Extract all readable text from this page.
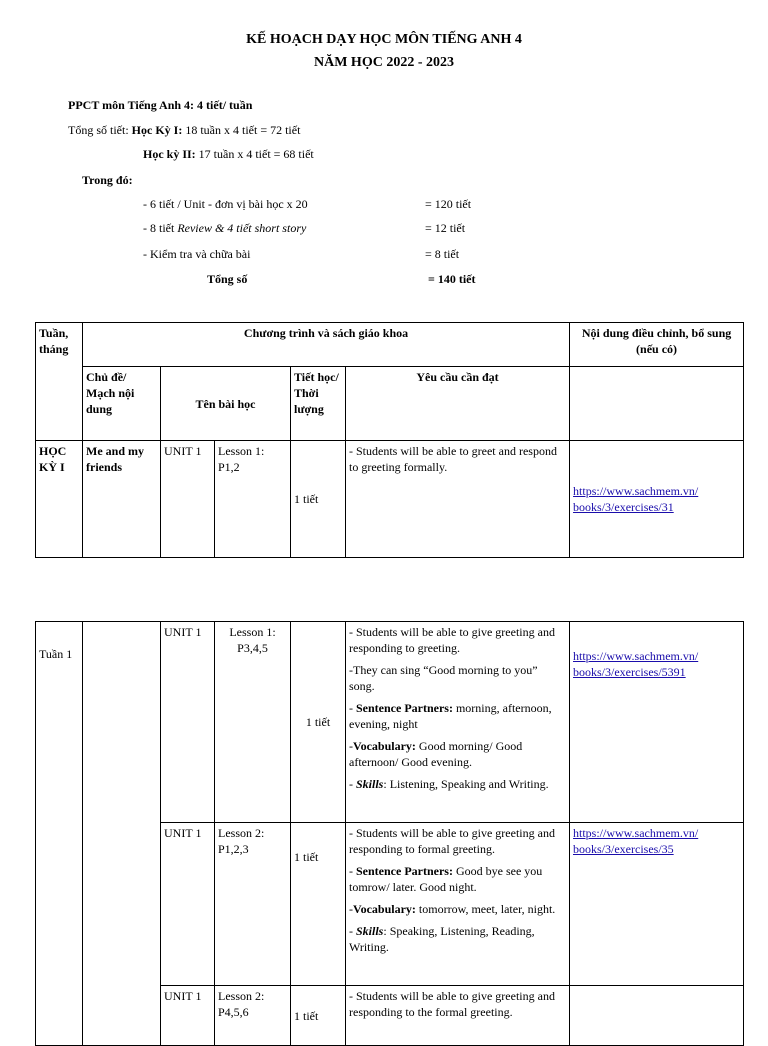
KẾ HOẠCH DẠY HỌC MÔN TIẾNG ANH 4
NĂM HỌC 2022 - 2023
PPCT môn Tiếng Anh 4: 4 tiết/ tuần
Tổng số tiết: Học Kỳ I: 18 tuần x 4 tiết = 72 tiết
Học kỳ II: 17 tuần x 4 tiết = 68 tiết
Trong đó:
- 6 tiết / Unit - đơn vị bài học x 20	= 120 tiết
- 8 tiết Review & 4 tiết short story	= 12 tiết
- Kiểm tra và chữa bài	= 8 tiết
Tổng số	= 140 tiết
Tuần, tháng	Chương trình và sách giáo khoa					Nội dung điều chỉnh, bổ sung (nếu có)
	Chủ đề/ Mạch nội dung	Tên bài học		Tiết học/ Thời lượng	Yêu cầu cần đạt	
HỌC KỲ I	Me and my friends	UNIT 1	Lesson 1: P1,2	1 tiết	- Students will be able to greet and respond to greeting formally.	https://www.sachmem.vn/ books/3/exercises/31
Tuần 1		UNIT 1	Lesson 1: P3,4,5	1 tiết	- Students will be able to give greeting and responding to greeting.

-They can sing “Good morning to you” song.

- Sentence Partners: morning, afternoon, evening, night

-Vocabulary: Good morning/ Good afternoon/ Good evening.

- Skills: Listening, Speaking and Writing.	https://www.sachmem.vn/ books/3/exercises/5391
		UNIT 1	Lesson 2: P1,2,3	1 tiết	- Students will be able to give greeting and responding to formal greeting.

- Sentence Partners: Good bye see you tomrow/ later. Good night.

-Vocabulary: tomorrow, meet, later, night.

- Skills: Speaking, Listening, Reading, Writing.	https://www.sachmem.vn/ books/3/exercises/35
		UNIT 1	Lesson 2: P4,5,6	1 tiết	- Students will be able to give greeting and responding to the formal greeting.	
